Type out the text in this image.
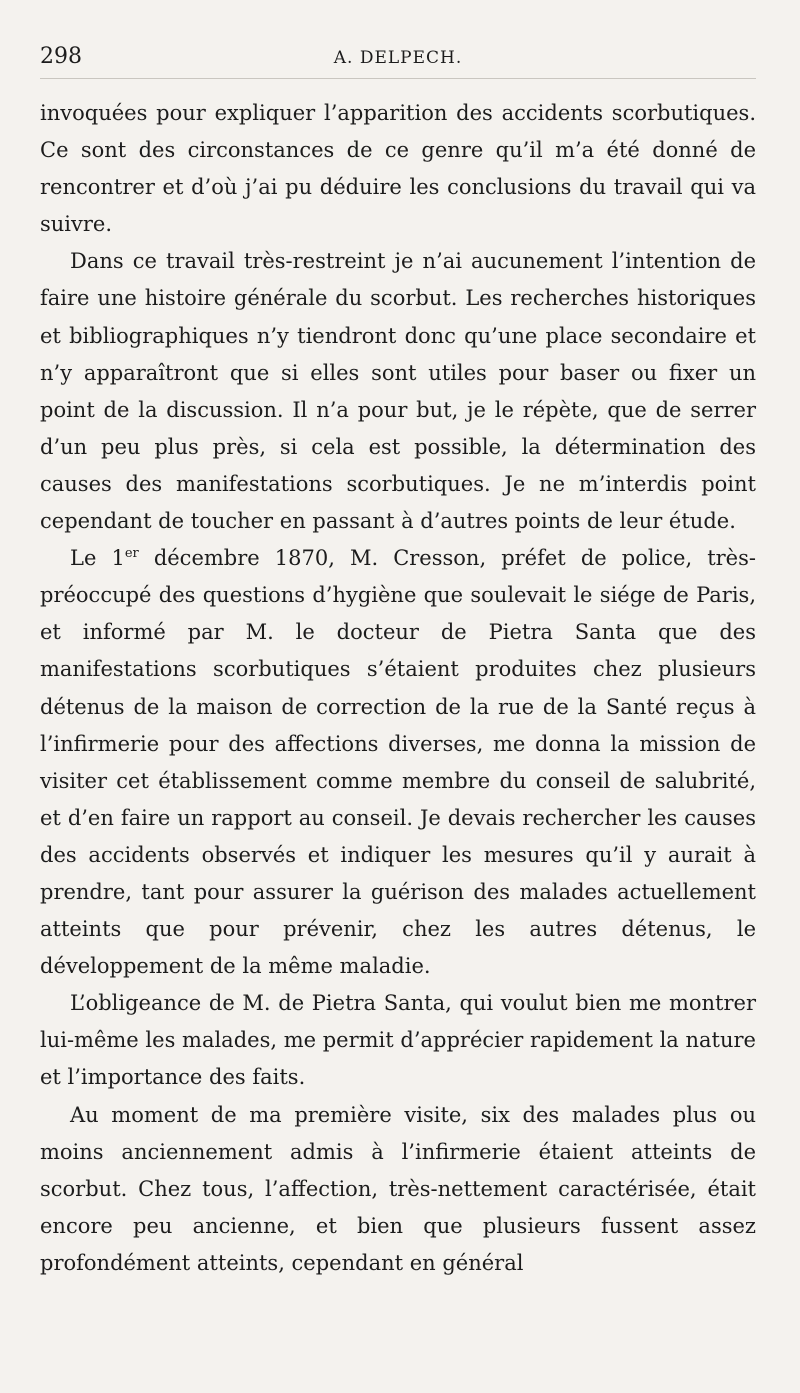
298	A. DELPECH.

invoquées pour expliquer l’apparition des accidents scorbutiques. Ce sont des circonstances de ce genre qu’il m’a été donné de rencontrer et d’où j’ai pu déduire les conclusions du travail qui va suivre.

Dans ce travail très-restreint je n’ai aucunement l’intention de faire une histoire générale du scorbut. Les recherches historiques et bibliographiques n’y tiendront donc qu’une place secondaire et n’y apparaîtront que si elles sont utiles pour baser ou fixer un point de la discussion. Il n’a pour but, je le répète, que de serrer d’un peu plus près, si cela est possible, la détermination des causes des manifestations scorbutiques. Je ne m’interdis point cependant de toucher en passant à d’autres points de leur étude.

Le 1er décembre 1870, M. Cresson, préfet de police, très-préoccupé des questions d’hygiène que soulevait le siége de Paris, et informé par M. le docteur de Pietra Santa que des manifestations scorbutiques s’étaient produites chez plusieurs détenus de la maison de correction de la rue de la Santé reçus à l’infirmerie pour des affections diverses, me donna la mission de visiter cet établissement comme membre du conseil de salubrité, et d’en faire un rapport au conseil. Je devais rechercher les causes des accidents observés et indiquer les mesures qu’il y aurait à prendre, tant pour assurer la guérison des malades actuellement atteints que pour prévenir, chez les autres détenus, le développement de la même maladie.

L’obligeance de M. de Pietra Santa, qui voulut bien me montrer lui-même les malades, me permit d’apprécier rapidement la nature et l’importance des faits.

Au moment de ma première visite, six des malades plus ou moins anciennement admis à l’infirmerie étaient atteints de scorbut. Chez tous, l’affection, très-nettement caractérisée, était encore peu ancienne, et bien que plusieurs fussent assez profondément atteints, cependant en général
